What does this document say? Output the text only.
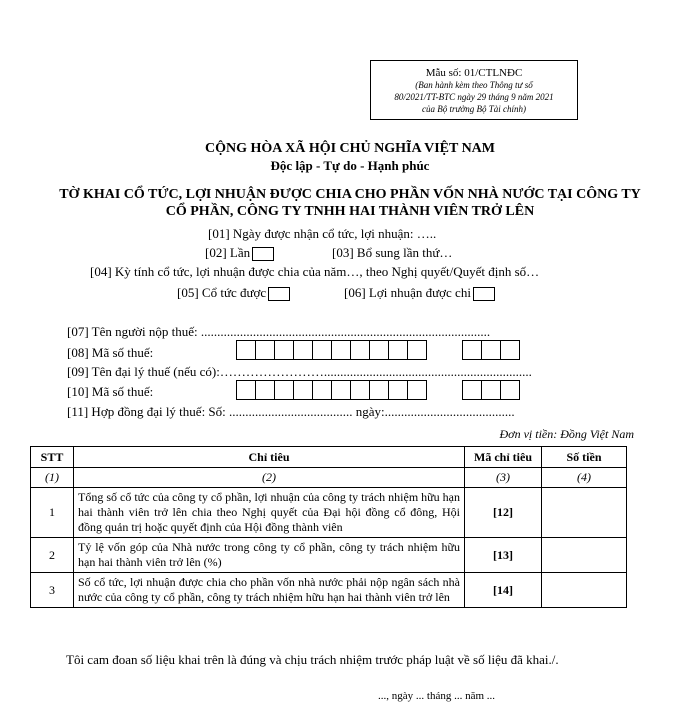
Mẫu số: 01/CTLNĐC
(Ban hành kèm theo Thông tư số
80/2021/TT-BTC ngày 29 tháng 9 năm 2021
của Bộ trưởng Bộ Tài chính)
CỘNG HÒA XÃ HỘI CHỦ NGHĨA VIỆT NAM
Độc lập - Tự do - Hạnh phúc
TỜ KHAI CỔ TỨC, LỢI NHUẬN ĐƯỢC CHIA CHO PHẦN VỐN NHÀ NƯỚC TẠI CÔNG TY
CỔ PHẦN, CÔNG TY TNHH HAI THÀNH VIÊN TRỞ LÊN
[01] Ngày được nhận cổ tức, lợi nhuận: …..
[02] Lần	[03] Bổ sung lần thứ…
[04] Kỳ tính cổ tức, lợi nhuận được chia của năm…, theo Nghị quyết/Quyết định số…
[05] Cổ tức được	[06] Lợi nhuận được chi
[07] Tên người nộp thuế: .........................................................................................
[08] Mã số thuế:
[09] Tên đại lý thuế (nếu có):……………………................................................................
[10] Mã số thuế:
[11] Hợp đồng đại lý thuế: Số: ...................................... ngày:........................................
Đơn vị tiền: Đồng Việt Nam
STT	Chỉ tiêu	Mã chỉ tiêu	Số tiền
(1)	(2)	(3)	(4)
1	Tổng số cổ tức của công ty cổ phần, lợi nhuận của công ty trách nhiệm hữu hạn hai thành viên trở lên chia theo Nghị quyết của Đại hội đồng cổ đông, Hội đồng quản trị hoặc quyết định của Hội đồng thành viên	[12]	
2	Tỷ lệ vốn góp của Nhà nước trong công ty cổ phần, công ty trách nhiệm hữu hạn hai thành viên trở lên (%)	[13]	
3	Số cổ tức, lợi nhuận được chia cho phần vốn nhà nước phải nộp ngân sách nhà nước của công ty cổ phần, công ty trách nhiệm hữu hạn hai thành viên trở lên	[14]	
Tôi cam đoan số liệu khai trên là đúng và chịu trách nhiệm trước pháp luật về số liệu đã khai./.
..., ngày ... tháng ... năm ...
